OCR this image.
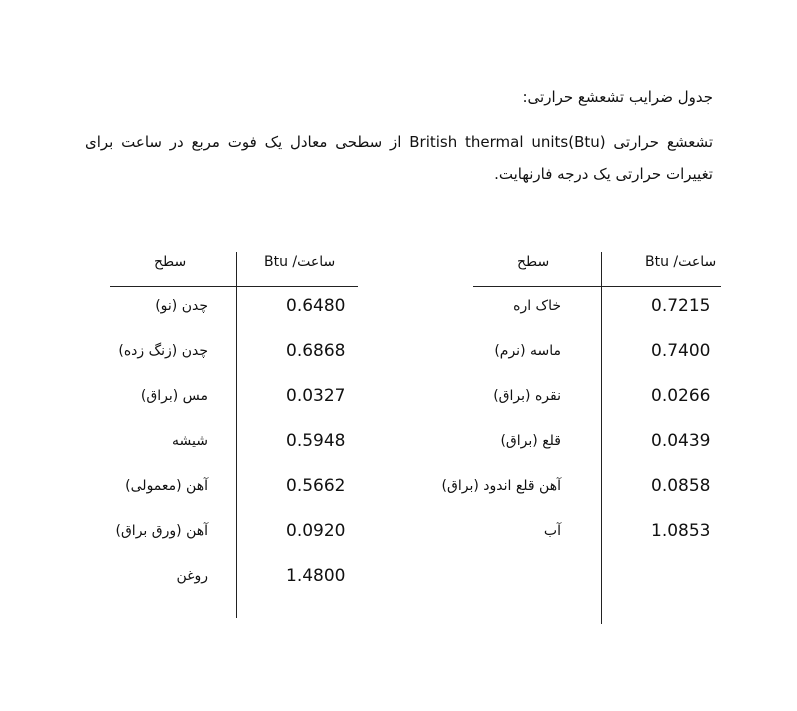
جدول ضرایب تشعشع حرارتی:
تشعشع حرارتی (Btu)British thermal units از سطحی معادل یک فوت مربع در ساعت برای تغییرات حرارتی یک درجه فارنهایت.
سطح	ساعت/ Btu
خاک اره	0.7215
ماسه (نرم)	0.7400
نقره (براق)	0.0266
قلع (براق)	0.0439
آهن قلع اندود (براق)	0.0858
آب	1.0853
سطح	ساعت/ Btu
چدن (نو)	0.6480
چدن (زنگ زده)	0.6868
مس (براق)	0.0327
شیشه	0.5948
آهن (معمولی)	0.5662
آهن (ورق براق)	0.0920
روغن	1.4800
